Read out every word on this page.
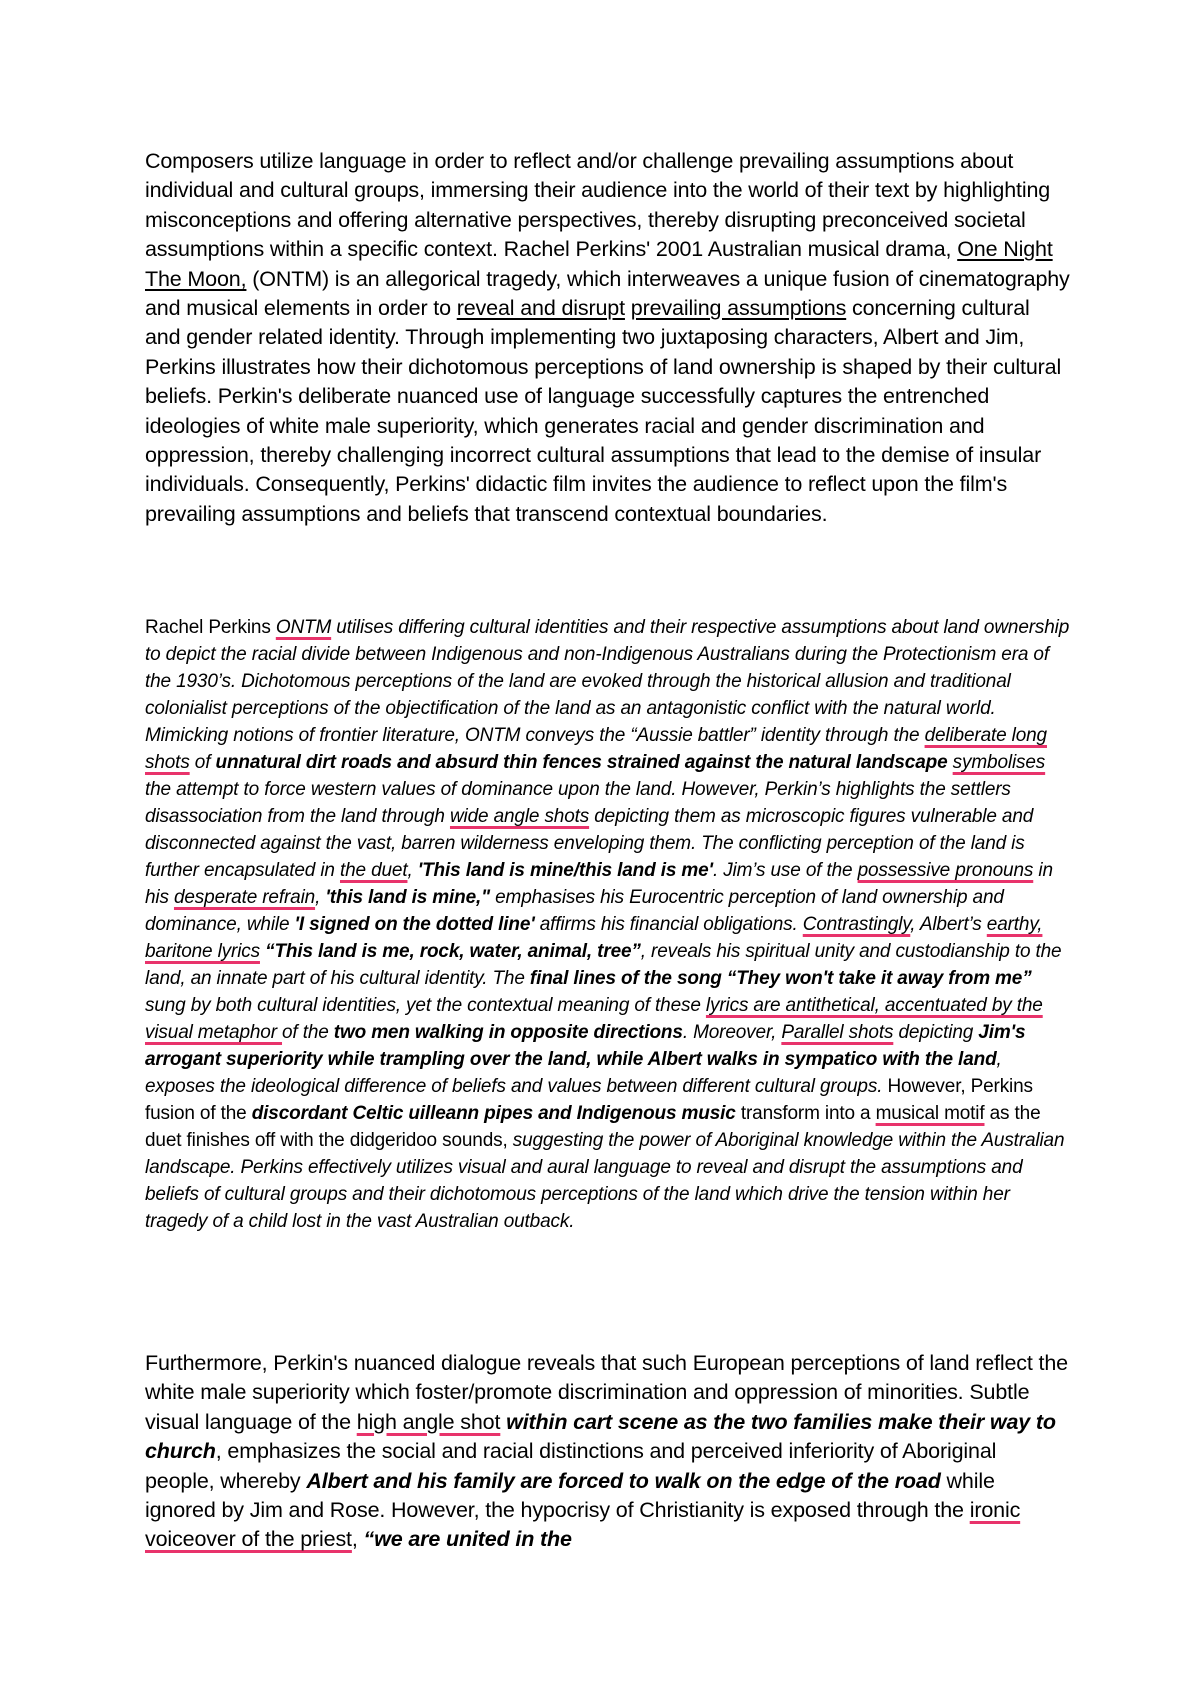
Composers utilize language in order to reflect and/or challenge prevailing assumptions about individual and cultural groups, immersing their audience into the world of their text by highlighting misconceptions and offering alternative perspectives, thereby disrupting preconceived societal assumptions within a specific context. Rachel Perkins' 2001 Australian musical drama, One Night The Moon, (ONTM) is an allegorical tragedy, which interweaves a unique fusion of cinematography and musical elements in order to reveal and disrupt prevailing assumptions concerning cultural and gender related identity. Through implementing two juxtaposing characters, Albert and Jim, Perkins illustrates how their dichotomous perceptions of land ownership is shaped by their cultural beliefs. Perkin's deliberate nuanced use of language successfully captures the entrenched ideologies of white male superiority, which generates racial and gender discrimination and oppression, thereby challenging incorrect cultural assumptions that lead to the demise of insular individuals. Consequently, Perkins' didactic film invites the audience to reflect upon the film's prevailing assumptions and beliefs that transcend contextual boundaries.

Rachel Perkins ONTM utilises differing cultural identities and their respective assumptions about land ownership to depict the racial divide between Indigenous and non-Indigenous Australians during the Protectionism era of the 1930’s. Dichotomous perceptions of the land are evoked through the historical allusion and traditional colonialist perceptions of the objectification of the land as an antagonistic conflict with the natural world. Mimicking notions of frontier literature, ONTM conveys the “Aussie battler” identity through the deliberate long shots of unnatural dirt roads and absurd thin fences strained against the natural landscape symbolises the attempt to force western values of dominance upon the land. However, Perkin’s highlights the settlers disassociation from the land through wide angle shots depicting them as microscopic figures vulnerable and disconnected against the vast, barren wilderness enveloping them. The conflicting perception of the land is further encapsulated in the duet, 'This land is mine/this land is me'. Jim’s use of the possessive pronouns in his desperate refrain, 'this land is mine," emphasises his Eurocentric perception of land ownership and dominance, while 'I signed on the dotted line' affirms his financial obligations. Contrastingly, Albert’s earthy, baritone lyrics “This land is me, rock, water, animal, tree”, reveals his spiritual unity and custodianship to the land, an innate part of his cultural identity. The final lines of the song “They won't take it away from me” sung by both cultural identities, yet the contextual meaning of these lyrics are antithetical, accentuated by the visual metaphor of the two men walking in opposite directions. Moreover, Parallel shots depicting Jim's arrogant superiority while trampling over the land, while Albert walks in sympatico with the land, exposes the ideological difference of beliefs and values between different cultural groups. However, Perkins fusion of the discordant Celtic uilleann pipes and Indigenous music transform into a musical motif as the duet finishes off with the didgeridoo sounds, suggesting the power of Aboriginal knowledge within the Australian landscape. Perkins effectively utilizes visual and aural language to reveal and disrupt the assumptions and beliefs of cultural groups and their dichotomous perceptions of the land which drive the tension within her tragedy of a child lost in the vast Australian outback.

Furthermore, Perkin's nuanced dialogue reveals that such European perceptions of land reflect the white male superiority which foster/promote discrimination and oppression of minorities. Subtle visual language of the high angle shot within cart scene as the two families make their way to church, emphasizes the social and racial distinctions and perceived inferiority of Aboriginal people, whereby Albert and his family are forced to walk on the edge of the road while ignored by Jim and Rose. However, the hypocrisy of Christianity is exposed through the ironic voiceover of the priest, “we are united in the
